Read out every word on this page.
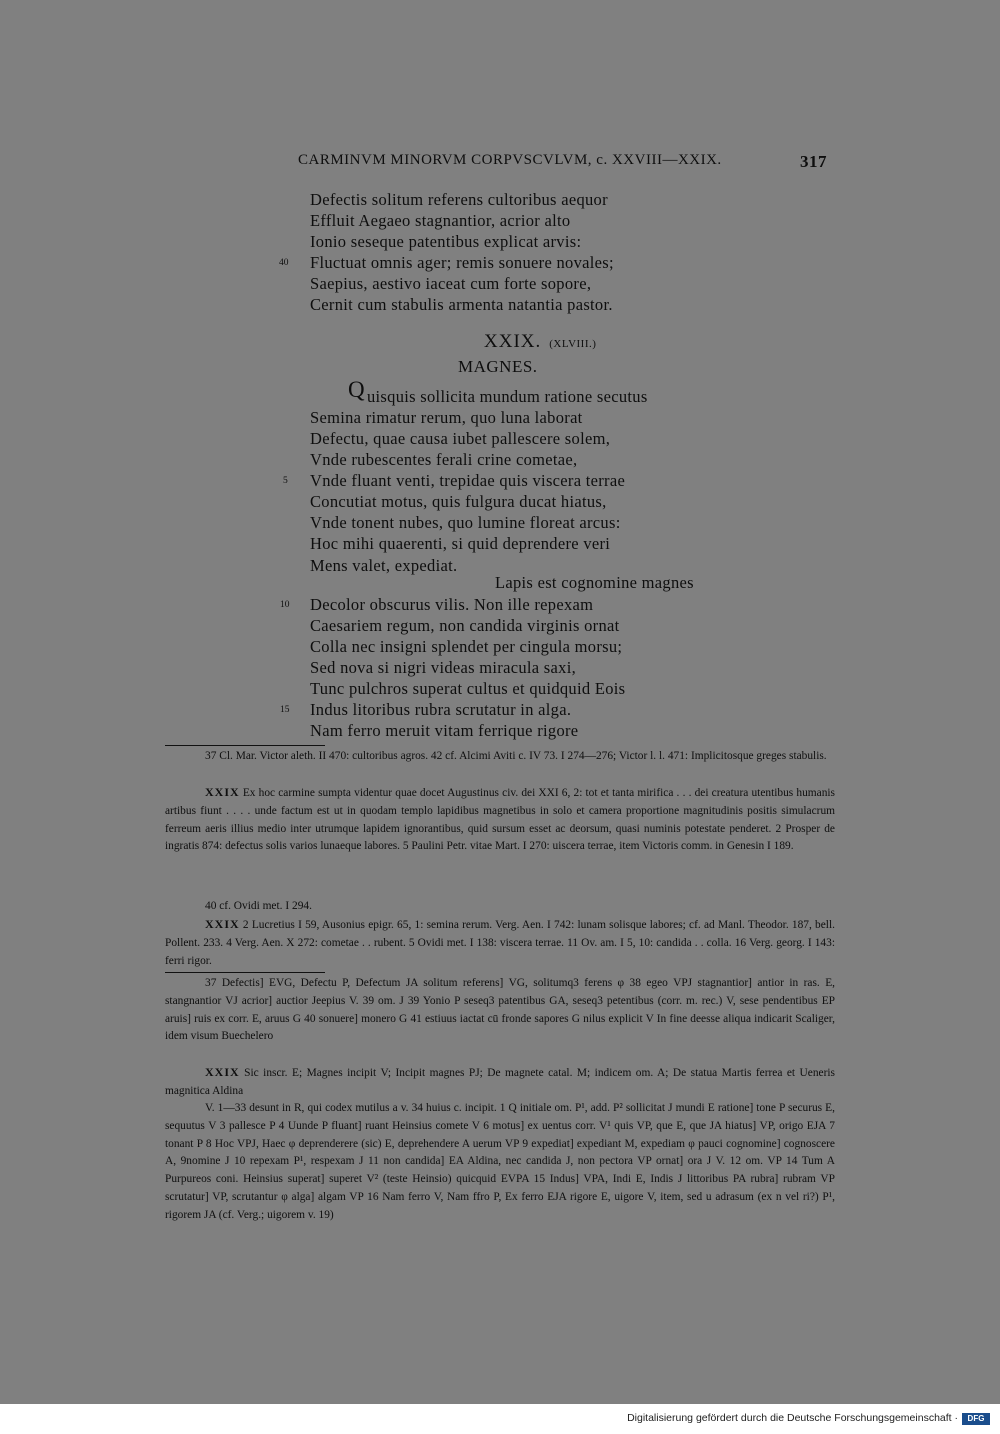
CARMINVM MINORVM CORPVSCVLVM, c. XXVIII—XXIX.	317
Defectis solitum referens cultoribus aequor
Effluit Aegaeo stagnantior, acrior alto
Ionio seseque patentibus explicat arvis:
Fluctuat omnis ager; remis sonuere novales;
Saepius, aestivo iaceat cum forte sopore,
Cernit cum stabulis armenta natantia pastor.
40
XXIX. (XLVIII.)
MAGNES.
Q uisquis sollicita mundum ratione secutus
Semina rimatur rerum, quo luna laborat
Defectu, quae causa iubet pallescere solem,
Vnde rubescentes ferali crine cometae,
Vnde fluant venti, trepidae quis viscera terrae
Concutiat motus, quis fulgura ducat hiatus,
Vnde tonent nubes, quo lumine floreat arcus:
Hoc mihi quaerenti, si quid deprendere veri
Mens valet, expediat.
Lapis est cognomine magnes
Decolor obscurus vilis. Non ille repexam
Caesariem regum, non candida virginis ornat
Colla nec insigni splendet per cingula morsu;
Sed nova si nigri videas miracula saxi,
Tunc pulchros superat cultus et quidquid Eois
Indus litoribus rubra scrutatur in alga.
Nam ferro meruit vitam ferrique rigore
5
10
15
37 Cl. Mar. Victor aleth. II 470: cultoribus agros. 42 cf. Alcimi Aviti c. IV 73. I 274—276; Victor l. l. 471: Implicitosque greges stabulis.
XXIX Ex hoc carmine sumpta videntur quae docet Augustinus civ. dei XXI 6, 2: tot et tanta mirifica . . . dei creatura utentibus humanis artibus fiunt . . . . unde factum est ut in quodam templo lapidibus magnetibus in solo et camera proportione magnitudinis positis simulacrum ferreum aeris illius medio inter utrumque lapidem ignorantibus, quid sursum esset ac deorsum, quasi numinis potestate penderet. 2 Prosper de ingratis 874: defectus solis varios lunaeque labores. 5 Paulini Petr. vitae Mart. I 270: uiscera terrae, item Victoris comm. in Genesin I 189.
40 cf. Ovidi met. I 294.
XXIX 2 Lucretius I 59, Ausonius epigr. 65, 1: semina rerum. Verg. Aen. I 742: lunam solisque labores; cf. ad Manl. Theodor. 187, bell. Pollent. 233. 4 Verg. Aen. X 272: cometae . . rubent. 5 Ovidi met. I 138: viscera terrae. 11 Ov. am. I 5, 10: candida . . colla. 16 Verg. georg. I 143: ferri rigor.
37 Defectis] EVG, Defectu P, Defectum JA solitum referens] VG, solitumq3 ferens φ 38 egeo VPJ stagnantior] antior in ras. E, stangnantior VJ acrior] auctior Jeepius V. 39 om. J 39 Yonio P seseq3 patentibus GA, seseq3 petentibus (corr. m. rec.) V, sese pendentibus EP aruis] ruis ex corr. E, aruus G 40 sonuere] monero G 41 estiuus iactat cū fronde sapores G nilus explicit V In fine deesse aliqua indicarit Scaliger, idem visum Buechelero
XXIX Sic inscr. E; Magnes incipit V; Incipit magnes PJ; De magnete catal. M; indicem om. A; De statua Martis ferrea et Ueneris magnitica Aldina
V. 1—33 desunt in R, qui codex mutilus a v. 34 huius c. incipit. 1 Q initiale om. P¹, add. P² sollicitat J mundi E ratione] tone P securus E, sequutus V 3 pallesce P 4 Uunde P fluant] ruant Heinsius comete V 6 motus] ex uentus corr. V¹ quis VP, que E, que JA hiatus] VP, origo EJA 7 tonant P 8 Hoc VPJ, Haec φ deprenderere (sic) E, deprehendere A uerum VP 9 expediat] expediant M, expediam φ pauci cognomine] cognoscere A, 9nomine J 10 repexam P¹, respexam J 11 non candida] EA Aldina, nec candida J, non pectora VP ornat] ora J V. 12 om. VP 14 Tum A Purpureos coni. Heinsius superat] superet V² (teste Heinsio) quicquid EVPA 15 Indus] VPA, Indi E, Indis J littoribus PA rubra] rubram VP scrutatur] VP, scrutantur φ alga] algam VP 16 Nam ferro V, Nam ffro P, Ex ferro EJA rigore E, uigore V, item, sed u adrasum (ex n vel ri?) P¹, rigorem JA (cf. Verg.; uigorem v. 19)
Digitalisierung gefördert durch die Deutsche Forschungsgemeinschaft ·	DFG
